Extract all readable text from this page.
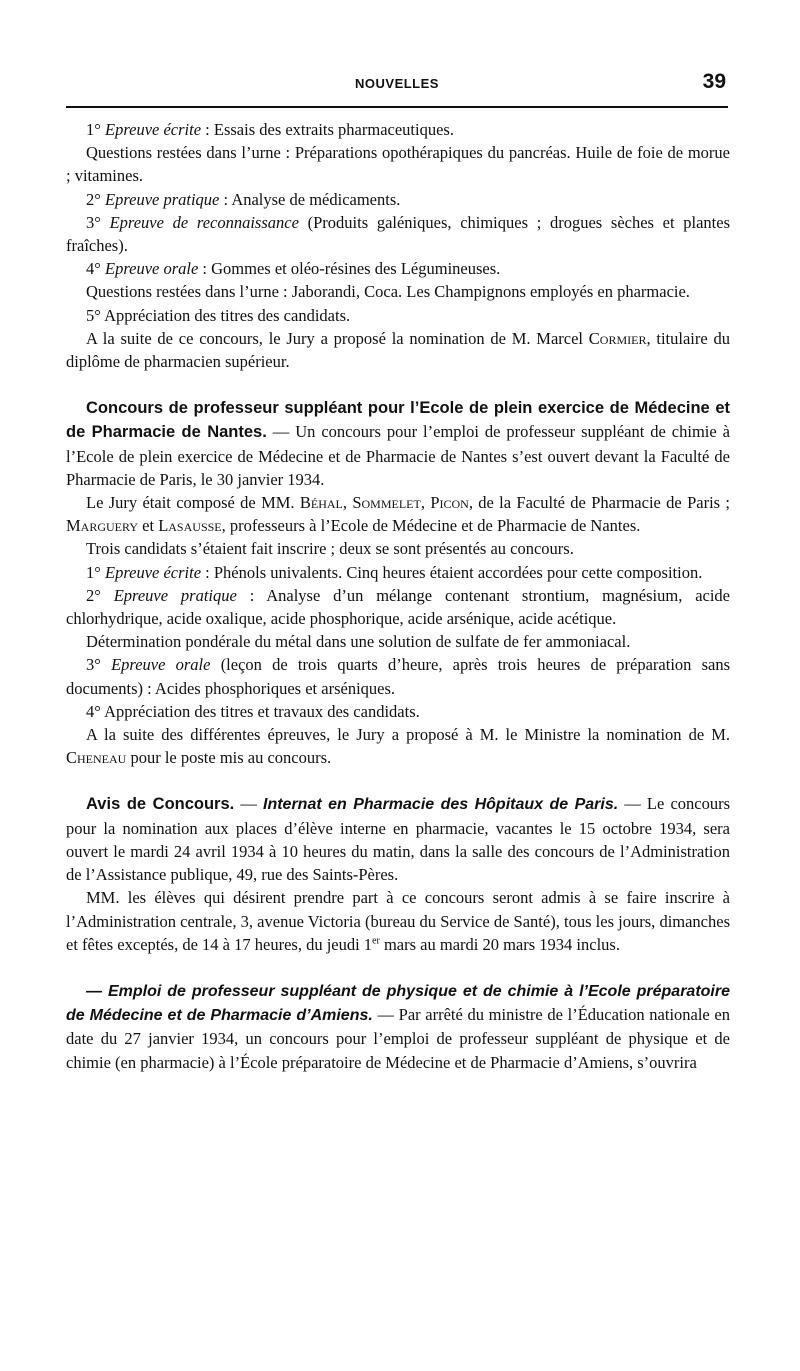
NOUVELLES	39

1° Epreuve écrite : Essais des extraits pharmaceutiques.

Questions restées dans l’urne : Préparations opothérapiques du pancréas. Huile de foie de morue ; vitamines.

2° Epreuve pratique : Analyse de médicaments.

3° Epreuve de reconnaissance (Produits galéniques, chimiques ; drogues sèches et plantes fraîches).

4° Epreuve orale : Gommes et oléo-résines des Légumineuses.

Questions restées dans l’urne : Jaborandi, Coca. Les Champignons employés en pharmacie.

5° Appréciation des titres des candidats.

A la suite de ce concours, le Jury a proposé la nomination de M. Marcel Cormier, titulaire du diplôme de pharmacien supérieur.

Concours de professeur suppléant pour l’Ecole de plein exercice de Médecine et de Pharmacie de Nantes. — Un concours pour l’emploi de professeur suppléant de chimie à l’Ecole de plein exercice de Médecine et de Pharmacie de Nantes s’est ouvert devant la Faculté de Pharmacie de Paris, le 30 janvier 1934.

Le Jury était composé de MM. Béhal, Sommelet, Picon, de la Faculté de Pharmacie de Paris ; Marguery et Lasausse, professeurs à l’Ecole de Médecine et de Pharmacie de Nantes.

Trois candidats s’étaient fait inscrire ; deux se sont présentés au concours.

1° Epreuve écrite : Phénols univalents. Cinq heures étaient accordées pour cette composition.

2° Epreuve pratique : Analyse d’un mélange contenant strontium, magnésium, acide chlorhydrique, acide oxalique, acide phosphorique, acide arsénique, acide acétique.

Détermination pondérale du métal dans une solution de sulfate de fer ammoniacal.

3° Epreuve orale (leçon de trois quarts d’heure, après trois heures de préparation sans documents) : Acides phosphoriques et arséniques.

4° Appréciation des titres et travaux des candidats.

A la suite des différentes épreuves, le Jury a proposé à M. le Ministre la nomination de M. Cheneau pour le poste mis au concours.

Avis de Concours. — Internat en Pharmacie des Hôpitaux de Paris. — Le concours pour la nomination aux places d’élève interne en pharmacie, vacantes le 15 octobre 1934, sera ouvert le mardi 24 avril 1934 à 10 heures du matin, dans la salle des concours de l’Administration de l’Assistance publique, 49, rue des Saints-Pères.

MM. les élèves qui désirent prendre part à ce concours seront admis à se faire inscrire à l’Administration centrale, 3, avenue Victoria (bureau du Service de Santé), tous les jours, dimanches et fêtes exceptés, de 14 à 17 heures, du jeudi 1er mars au mardi 20 mars 1934 inclus.

— Emploi de professeur suppléant de physique et de chimie à l’Ecole préparatoire de Médecine et de Pharmacie d’Amiens. — Par arrêté du ministre de l’Éducation nationale en date du 27 janvier 1934, un concours pour l’emploi de professeur suppléant de physique et de chimie (en pharmacie) à l’École préparatoire de Médecine et de Pharmacie d’Amiens, s’ouvrira
